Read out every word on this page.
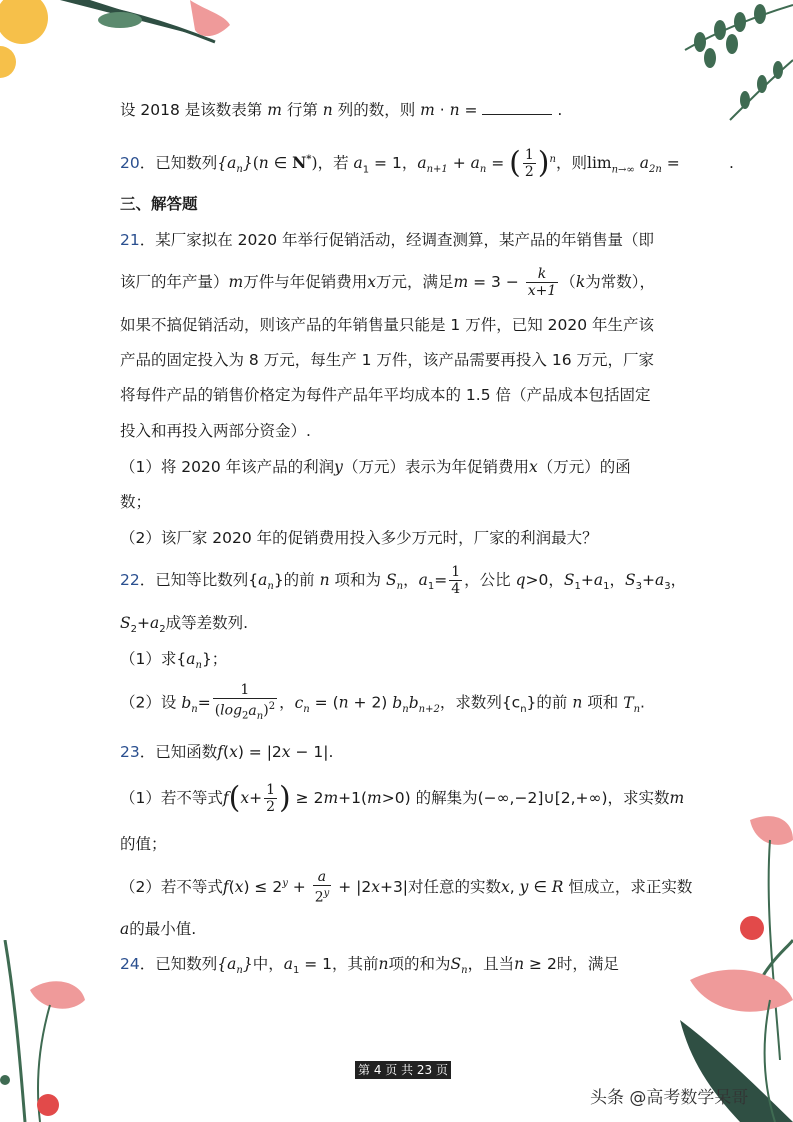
设 2018 是该数表第 m 行第 n 列的数，则 m · n =	.
20．已知数列$\{a_n\}(n$ ∈ N*)，若 $a_1 = 1$，$a_{n+1} + a_n$ = ( $\frac{1}{2} )^n$，则$\lim_{n\to\infty} a_{2n}$ =          .
三、解答题
21．某厂家拟在 2020 年举行促销活动，经调查测算，某产品的年销售量（即
该厂的年产量）m万件与年促销费用x万元，满足$m = 3 - \frac{k}{x+1} (k$为常数），
如果不搞促销活动，则该产品的年销售量只能是 1 万件，已知 2020 年生产该
产品的固定投入为 8 万元，每生产 1 万件，该产品需要再投入 16 万元，厂家
将每件产品的销售价格定为每件产品年平均成本的 1.5 倍（产品成本包括固定
投入和再投入两部分资金）.
（1）将 2020 年该产品的利润y（万元）表示为年促销费用x（万元）的函
数；
（2）该厂家 2020 年的促销费用投入多少万元时，厂家的利润最大？
22．已知等比数列$\{a_n\}$的前 n 项和为 $S_n$，$a_1= \frac{1}{4}$ ，公比 q>0，$S_1+a_1$，$S_3+a_3$，
$S_2+a_2$成等差数列.
（1）求$\{a_n\}$；
（2）设 $b_n= \frac{1}{(\log_2a_n)^2}$ ，$c_n = (n + 2)$ $b_nb_{n+2}$，求数列$\{c_n\}$的前 n 项和 $T_n$.
23．已知函数f(x) = |2x − 1|.
（1）若不等式$f(x+ \frac{1}{2}$ ) ≥ 2m+1(m>0) 的解集为(−∞,−2]∪[2,+∞)，求实数m
的值；
（2）若不等式$f(x) \le 2^y + \frac{a}{2^y} + |2x+3|$对任意的实数x, y ∈ R 恒成立，求正实数
a的最小值.
24．已知数列$\{a_n\}$中，$a_1 = 1$，其前n项的和为$S_n$，且当n ≥ 2时，满足
第 4 页 共 23 页
头条 @高考数学呆哥
